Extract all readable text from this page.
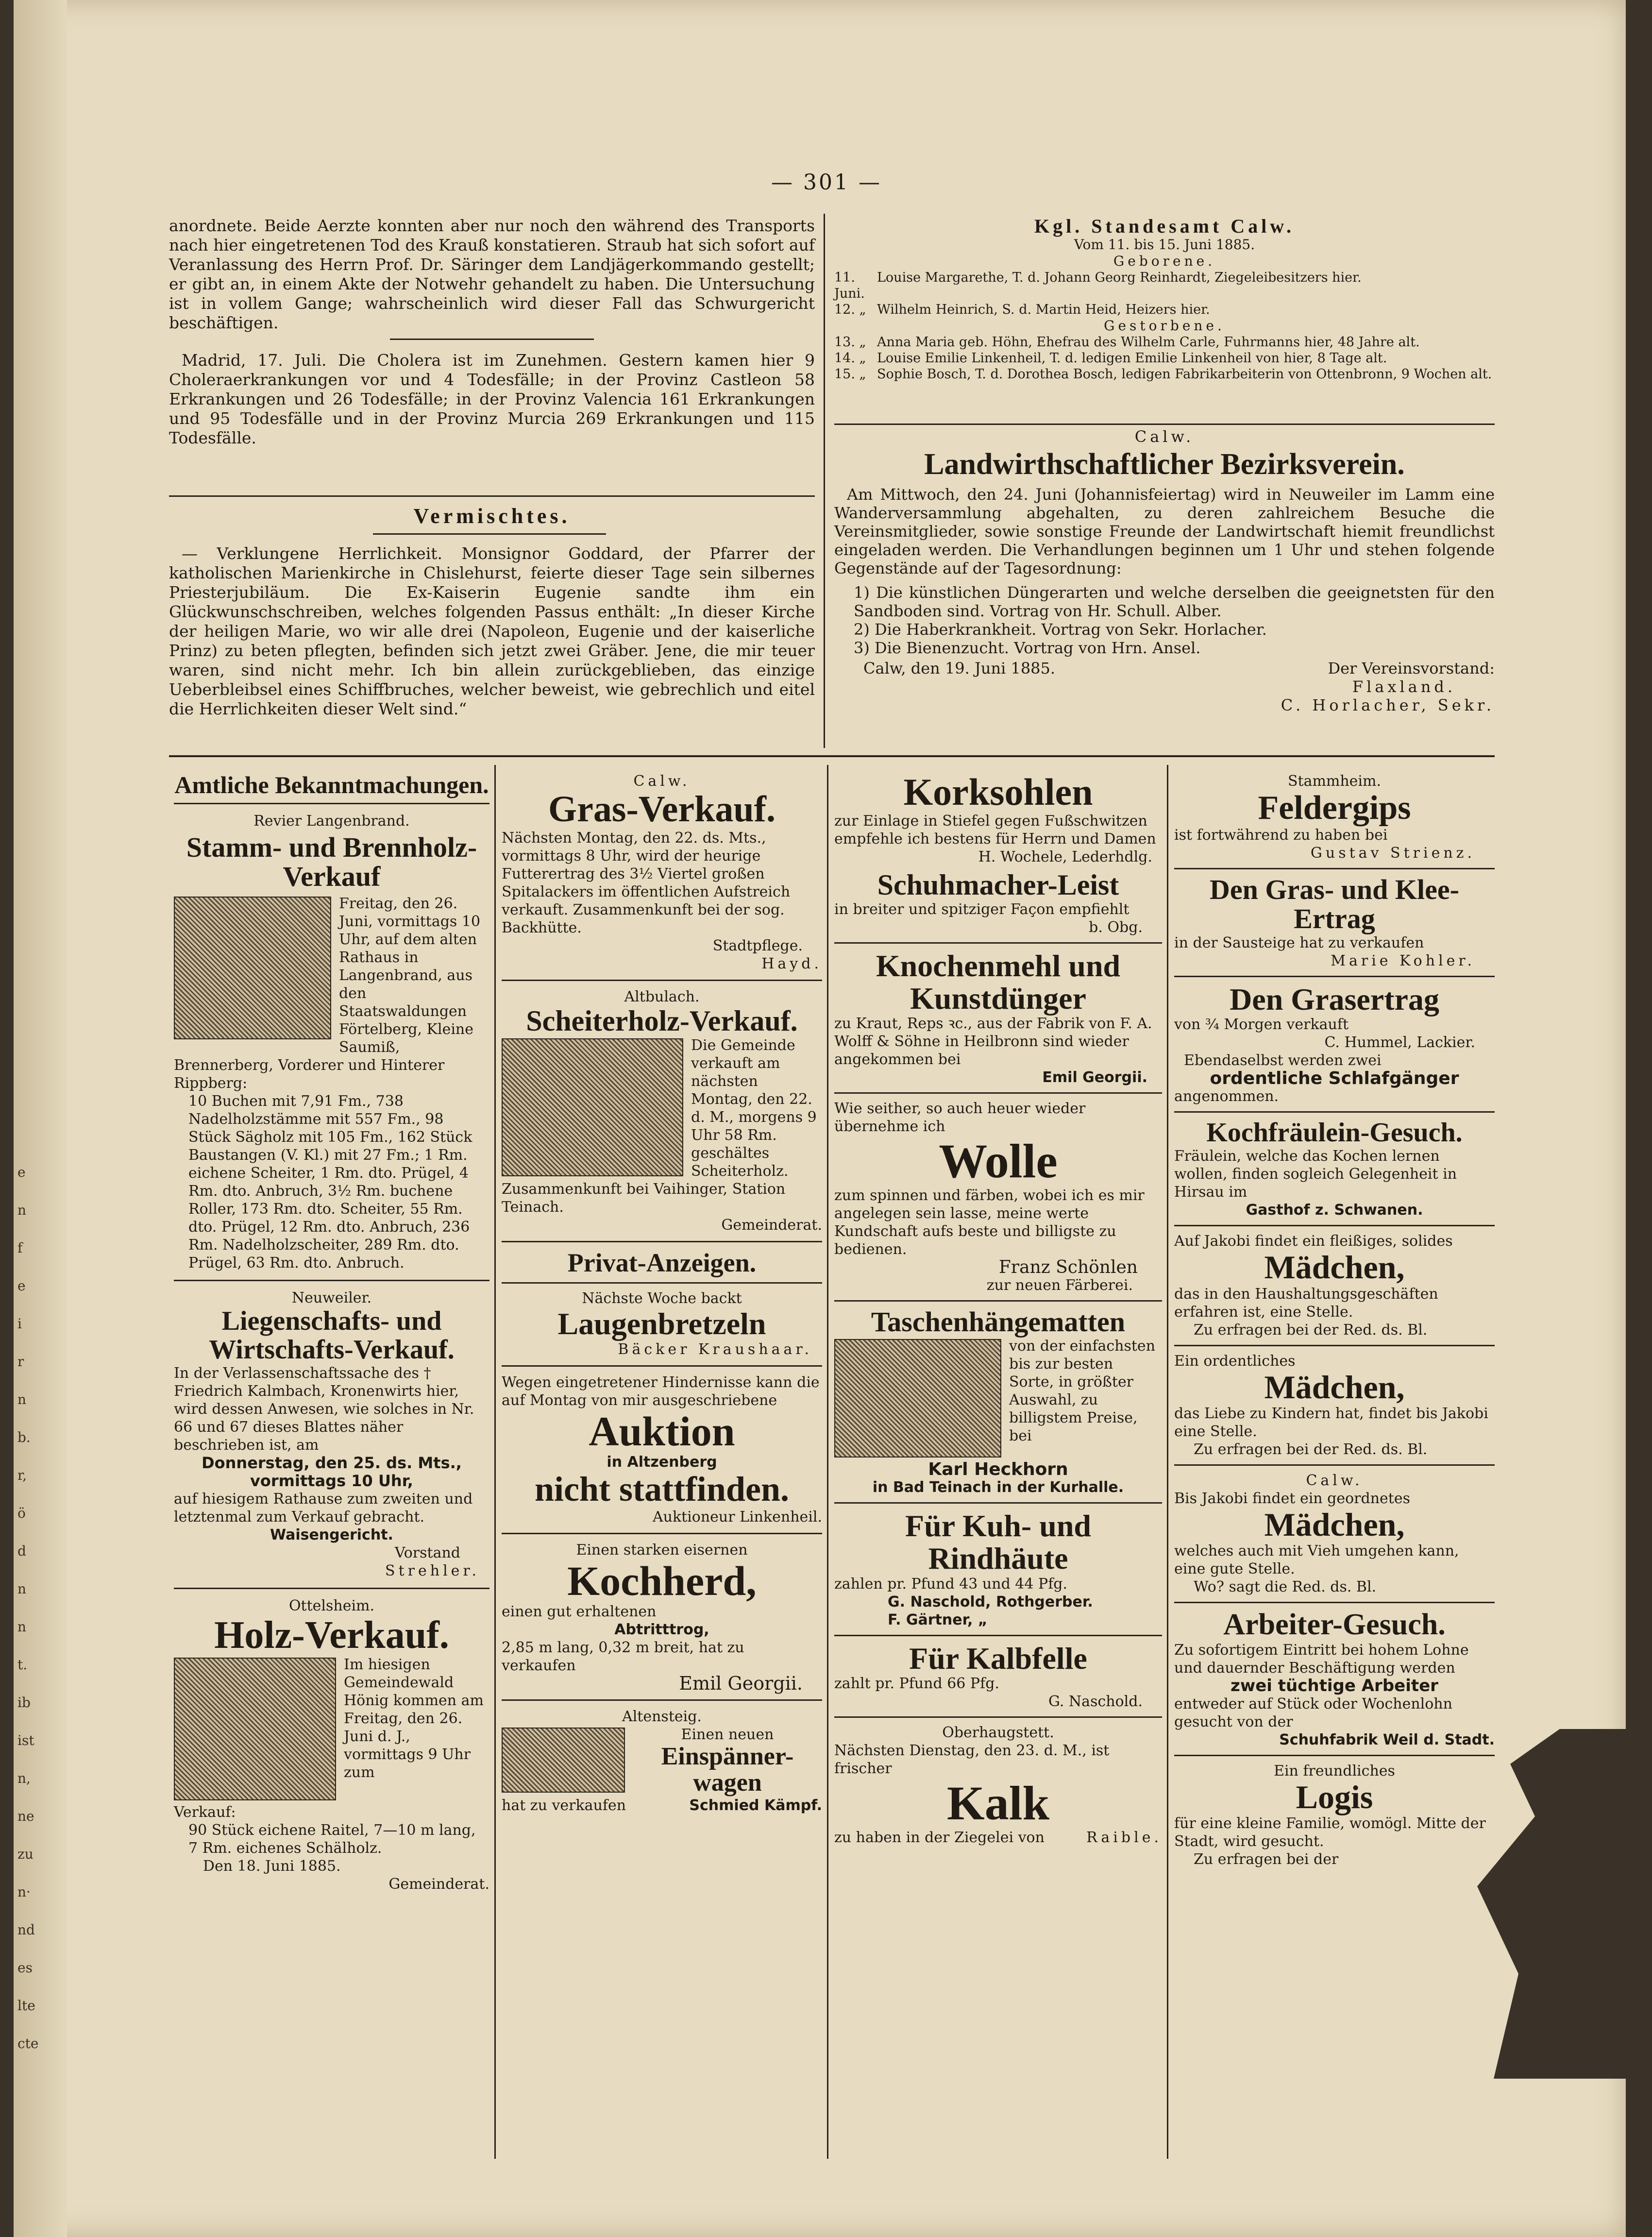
e
n
f
e
i
r
n
b.
r,
ö
d
n
n
t.
ib
ist
n,
ne
zu
n·
nd
es
lte
cte
— 301 —

anordnete. Beide Aerzte konnten aber nur noch den während des Transports nach hier eingetretenen Tod des Krauß konstatieren. Straub hat sich sofort auf Veranlassung des Herrn Prof. Dr. Säringer dem Landjägerkommando gestellt; er gibt an, in einem Akte der Notwehr gehandelt zu haben. Die Untersuchung ist in vollem Gange; wahrscheinlich wird dieser Fall das Schwurgericht beschäftigen.

Madrid, 17. Juli. Die Cholera ist im Zunehmen. Gestern kamen hier 9 Choleraerkrankungen vor und 4 Todesfälle; in der Provinz Castleon 58 Erkrankungen und 26 Todesfälle; in der Provinz Valencia 161 Erkrankungen und 95 Todesfälle und in der Provinz Murcia 269 Erkrankungen und 115 Todesfälle.

Vermischtes.

— Verklungene Herrlichkeit. Monsignor Goddard, der Pfarrer der katholischen Marienkirche in Chislehurst, feierte dieser Tage sein silbernes Priesterjubiläum. Die Ex-Kaiserin Eugenie sandte ihm ein Glückwunschschreiben, welches folgenden Passus enthält: „In dieser Kirche der heiligen Marie, wo wir alle drei (Napoleon, Eugenie und der kaiserliche Prinz) zu beten pflegten, befinden sich jetzt zwei Gräber. Jene, die mir teuer waren, sind nicht mehr. Ich bin allein zurückgeblieben, das einzige Ueberbleibsel eines Schiffbruches, welcher beweist, wie gebrechlich und eitel die Herrlichkeiten dieser Welt sind.“

Kgl. Standesamt Calw.
Vom 11. bis 15. Juni 1885.
Geborene.
11. Juni.
Louise Margarethe, T. d. Johann Georg Reinhardt, Ziegeleibesitzers hier.
12. „ Wilhelm Heinrich, S. d. Martin Heid, Heizers hier.
Gestorbene.
13. „ Anna Maria geb. Höhn, Ehefrau des Wilhelm Carle, Fuhrmanns hier, 48 Jahre alt.
14. „ Louise Emilie Linkenheil, T. d. ledigen Emilie Linkenheil von hier, 8 Tage alt.
15. „ Sophie Bosch, T. d. Dorothea Bosch, ledigen Fabrikarbeiterin von Ottenbronn, 9 Wochen alt.
Calw.
Landwirthschaftlicher Bezirksverein.

Am Mittwoch, den 24. Juni (Johannisfeiertag) wird in Neuweiler im Lamm eine Wanderversammlung abgehalten, zu deren zahlreichem Besuche die Vereinsmitglieder, sowie sonstige Freunde der Landwirtschaft hiemit freundlichst eingeladen werden. Die Verhandlungen beginnen um 1 Uhr und stehen folgende Gegenstände auf der Tagesordnung:

1) Die künstlichen Düngerarten und welche derselben die geeignetsten für den Sandboden sind. Vortrag von Hr. Schull. Alber.
2) Die Haberkrankheit. Vortrag von Sekr. Horlacher.
3) Die Bienenzucht. Vortrag von Hrn. Ansel.
Calw, den 19. Juni 1885.	Der Vereinsvorstand:
Flaxland.
C. Horlacher, Sekr.
Amtliche Bekanntmachungen.
Revier Langenbrand.
Stamm- und Brennholz-Verkauf

Freitag, den 26. Juni, vormittags 10 Uhr, auf dem alten Rathaus in Langenbrand, aus den Staatswaldungen Förtelberg, Kleine Saumiß, Brennerberg, Vorderer und Hinterer Rippberg:

10 Buchen mit 7,91 Fm., 738 Nadelholzstämme mit 557 Fm., 98 Stück Sägholz mit 105 Fm., 162 Stück Baustangen (V. Kl.) mit 27 Fm.; 1 Rm. eichene Scheiter, 1 Rm. dto. Prügel, 4 Rm. dto. Anbruch, 3½ Rm. buchene Roller, 173 Rm. dto. Scheiter, 55 Rm. dto. Prügel, 12 Rm. dto. Anbruch, 236 Rm. Nadelholzscheiter, 289 Rm. dto. Prügel, 63 Rm. dto. Anbruch.

Neuweiler.
Liegenschafts- und Wirtschafts-Verkauf.

In der Verlassenschaftssache des † Friedrich Kalmbach, Kronenwirts hier, wird dessen Anwesen, wie solches in Nr. 66 und 67 dieses Blattes näher beschrieben ist, am

Donnerstag, den 25. ds. Mts., vormittags 10 Uhr,

auf hiesigem Rathause zum zweiten und letztenmal zum Verkauf gebracht.

Waisengericht.

Vorstand

Strehler.

Ottelsheim.
Holz-Verkauf.

Im hiesigen Gemeindewald Hönig kommen am Freitag, den 26. Juni d. J., vormittags 9 Uhr zum

Verkauf:

90 Stück eichene Raitel, 7—10 m lang, 7 Rm. eichenes Schälholz.

Den 18. Juni 1885.

Gemeinderat.

Calw.
Gras-Verkauf.

Nächsten Montag, den 22. ds. Mts., vormittags 8 Uhr, wird der heurige Futterertrag des 3½ Viertel großen Spitalackers im öffentlichen Aufstreich verkauft. Zusammenkunft bei der sog. Backhütte.

Stadtpflege.

Hayd.

Altbulach.
Scheiterholz-Verkauf.

Die Gemeinde verkauft am nächsten Montag, den 22. d. M., morgens 9 Uhr 58 Rm. geschältes Scheiterholz. Zusammenkunft bei Vaihinger, Station Teinach.

Gemeinderat.

Privat-Anzeigen.

Nächste Woche backt

Laugenbretzeln

Bäcker Kraushaar.

Wegen eingetretener Hindernisse kann die auf Montag von mir ausgeschriebene

Auktion

in Altzenberg

nicht stattfinden.

Auktioneur Linkenheil.

Einen starken eisernen

Kochherd,

einen gut erhaltenen

Abtritttrog,

2,85 m lang, 0,32 m breit, hat zu verkaufen

Emil Georgii.

Altensteig.

Einen neuen

Einspänner-wagen
hat zu verkaufen	Schmied Kämpf.
Korksohlen

zur Einlage in Stiefel gegen Fußschwitzen empfehle ich bestens für Herrn und Damen

H. Wochele, Lederhdlg.

Schuhmacher-Leist

in breiter und spitziger Façon empfiehlt

b. Obg.

Knochenmehl und Kunstdünger

zu Kraut, Reps ꝛc., aus der Fabrik von F. A. Wolff & Söhne in Heilbronn sind wieder angekommen bei

Emil Georgii.

Wie seither, so auch heuer wieder übernehme ich

Wolle

zum spinnen und färben, wobei ich es mir angelegen sein lasse, meine werte Kundschaft aufs beste und billigste zu bedienen.

Franz Schönlen

zur neuen Färberei.

Taschenhängematten

von der einfachsten bis zur besten Sorte, in größter Auswahl, zu billigstem Preise, bei

Karl Heckhorn

in Bad Teinach in der Kurhalle.

Für Kuh- und Rindhäute

zahlen pr. Pfund 43 und 44 Pfg.

G. Naschold, Rothgerber.

F. Gärtner, „

Für Kalbfelle

zahlt pr. Pfund 66 Pfg.

G. Naschold.

Oberhaugstett.

Nächsten Dienstag, den 23. d. M., ist frischer

Kalk
zu haben in der Ziegelei von	Raible.

Stammheim.

Feldergips

ist fortwährend zu haben bei

Gustav Strienz.

Den Gras- und Klee-Ertrag

in der Sausteige hat zu verkaufen

Marie Kohler.

Den Grasertrag

von ¾ Morgen verkauft

C. Hummel, Lackier.

Ebendaselbst werden zwei

ordentliche Schlafgänger

angenommen.

Kochfräulein-Gesuch.

Fräulein, welche das Kochen lernen wollen, finden sogleich Gelegenheit in Hirsau im

Gasthof z. Schwanen.

Auf Jakobi findet ein fleißiges, solides

Mädchen,

das in den Haushaltungsgeschäften erfahren ist, eine Stelle.

Zu erfragen bei der Red. ds. Bl.

Ein ordentliches

Mädchen,

das Liebe zu Kindern hat, findet bis Jakobi eine Stelle.

Zu erfragen bei der Red. ds. Bl.

Calw.

Bis Jakobi findet ein geordnetes

Mädchen,

welches auch mit Vieh umgehen kann, eine gute Stelle.

Wo? sagt die Red. ds. Bl.

Arbeiter-Gesuch.

Zu sofortigem Eintritt bei hohem Lohne und dauernder Beschäftigung werden

zwei tüchtige Arbeiter

entweder auf Stück oder Wochenlohn gesucht von der

Schuhfabrik Weil d. Stadt.

Ein freundliches

Logis

für eine kleine Familie, womögl. Mitte der Stadt, wird gesucht.

Zu erfragen bei der
